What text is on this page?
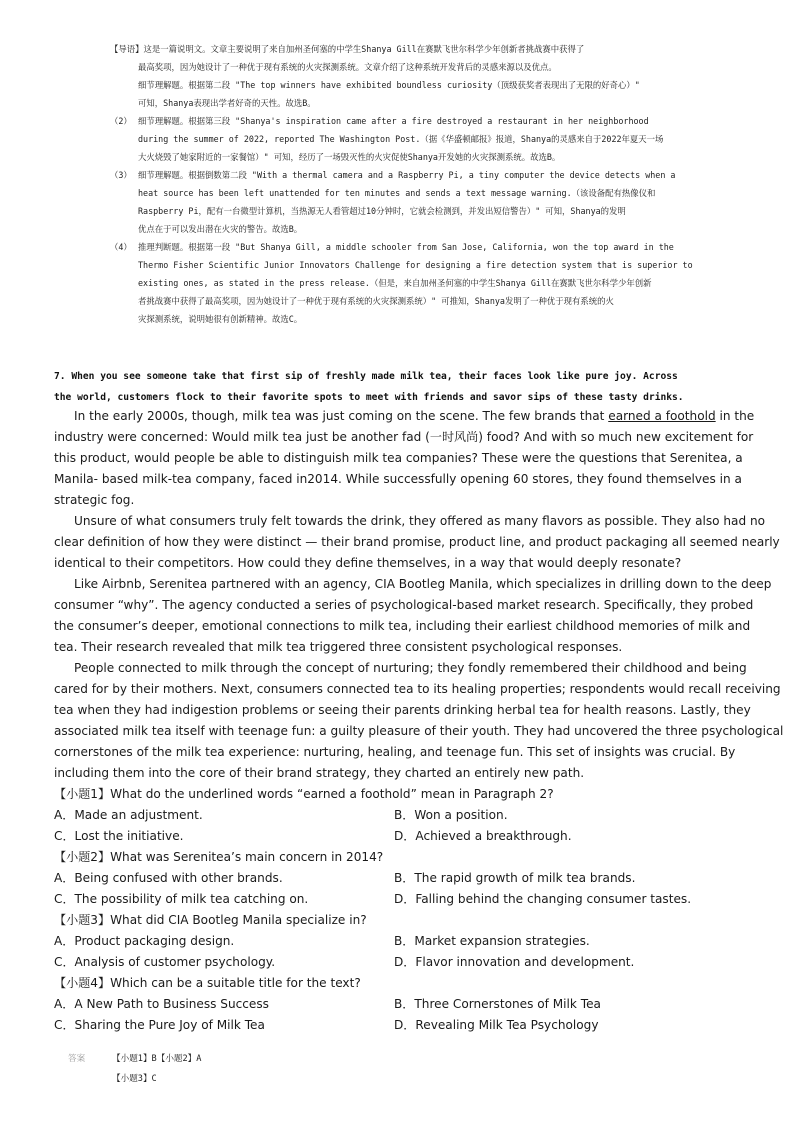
【导语】这是一篇说明文。文章主要说明了来自加州圣何塞的中学生Shanya Gill在赛默飞世尔科学少年创新者挑战赛中获得了
最高奖项，因为她设计了一种优于现有系统的火灾探测系统。文章介绍了这种系统开发背后的灵感来源以及优点。
细节理解题。根据第二段 "The top winners have exhibited boundless curiosity（顶级获奖者表现出了无限的好奇心）"
可知，Shanya表现出学者好奇的天性。故选B。
（2） 细节理解题。根据第三段 "Shanya's inspiration came after a fire destroyed a restaurant in her neighborhood
during the summer of 2022, reported The Washington Post.（据《华盛顿邮报》报道，Shanya的灵感来自于2022年夏天一场
大火烧毁了她家附近的一家餐馆）" 可知，经历了一场毁灭性的火灾促使Shanya开发她的火灾探测系统。故选B。
（3） 细节理解题。根据倒数第二段 "With a thermal camera and a Raspberry Pi, a tiny computer the device detects when a
heat source has been left unattended for ten minutes and sends a text message warning.（该设备配有热像仪和
Raspberry Pi，配有一台微型计算机，当热源无人看管超过10分钟时，它就会检测到，并发出短信警告）" 可知，Shanya的发明
优点在于可以发出潜在火灾的警告。故选B。
（4） 推理判断题。根据第一段 "But Shanya Gill, a middle schooler from San Jose, California, won the top award in the
Thermo Fisher Scientific Junior Innovators Challenge for designing a fire detection system that is superior to
existing ones, as stated in the press release.（但是，来自加州圣何塞的中学生Shanya Gill在赛默飞世尔科学少年创新
者挑战赛中获得了最高奖项，因为她设计了一种优于现有系统的火灾探测系统）" 可推知，Shanya发明了一种优于现有系统的火
灾探测系统，说明她很有创新精神。故选C。
7. When you see someone take that first sip of freshly made milk tea, their faces look like pure joy. Across
the world, customers flock to their favorite spots to meet with friends and savor sips of these tasty drinks.
In the early 2000s, though, milk tea was just coming on the scene. The few brands that earned a foothold in the
industry were concerned: Would milk tea just be another fad (一时风尚) food? And with so much new excitement for
this product, would people be able to distinguish milk tea companies? These were the questions that Serenitea, a
Manila- based milk-tea company, faced in2014. While successfully opening 60 stores, they found themselves in a
strategic fog.
Unsure of what consumers truly felt towards the drink, they offered as many flavors as possible. They also had no
clear definition of how they were distinct — their brand promise, product line, and product packaging all seemed nearly
identical to their competitors. How could they define themselves, in a way that would deeply resonate?
Like Airbnb, Serenitea partnered with an agency, CIA Bootleg Manila, which specializes in drilling down to the deep
consumer “why”. The agency conducted a series of psychological-based market research. Specifically, they probed
the consumer’s deeper, emotional connections to milk tea, including their earliest childhood memories of milk and
tea. Their research revealed that milk tea triggered three consistent psychological responses.
People connected to milk through the concept of nurturing; they fondly remembered their childhood and being
cared for by their mothers. Next, consumers connected tea to its healing properties; respondents would recall receiving
tea when they had indigestion problems or seeing their parents drinking herbal tea for health reasons. Lastly, they
associated milk tea itself with teenage fun: a guilty pleasure of their youth. They had uncovered the three psychological
cornerstones of the milk tea experience: nurturing, healing, and teenage fun. This set of insights was crucial. By
including them into the core of their brand strategy, they charted an entirely new path.
【小题1】What do the underlined words “earned a foothold” mean in Paragraph 2?
A．Made an adjustment.	B．Won a position.
C．Lost the initiative.	D．Achieved a breakthrough.
【小题2】What was Serenitea’s main concern in 2014?
A．Being confused with other brands.	B．The rapid growth of milk tea brands.
C．The possibility of milk tea catching on.	D．Falling behind the changing consumer tastes.
【小题3】What did CIA Bootleg Manila specialize in?
A．Product packaging design.	B．Market expansion strategies.
C．Analysis of customer psychology.	D．Flavor innovation and development.
【小题4】Which can be a suitable title for the text?
A．A New Path to Business Success	B．Three Cornerstones of Milk Tea
C．Sharing the Pure Joy of Milk Tea	D．Revealing Milk Tea Psychology
答案	【小题1】B【小题2】A
【小题3】C
